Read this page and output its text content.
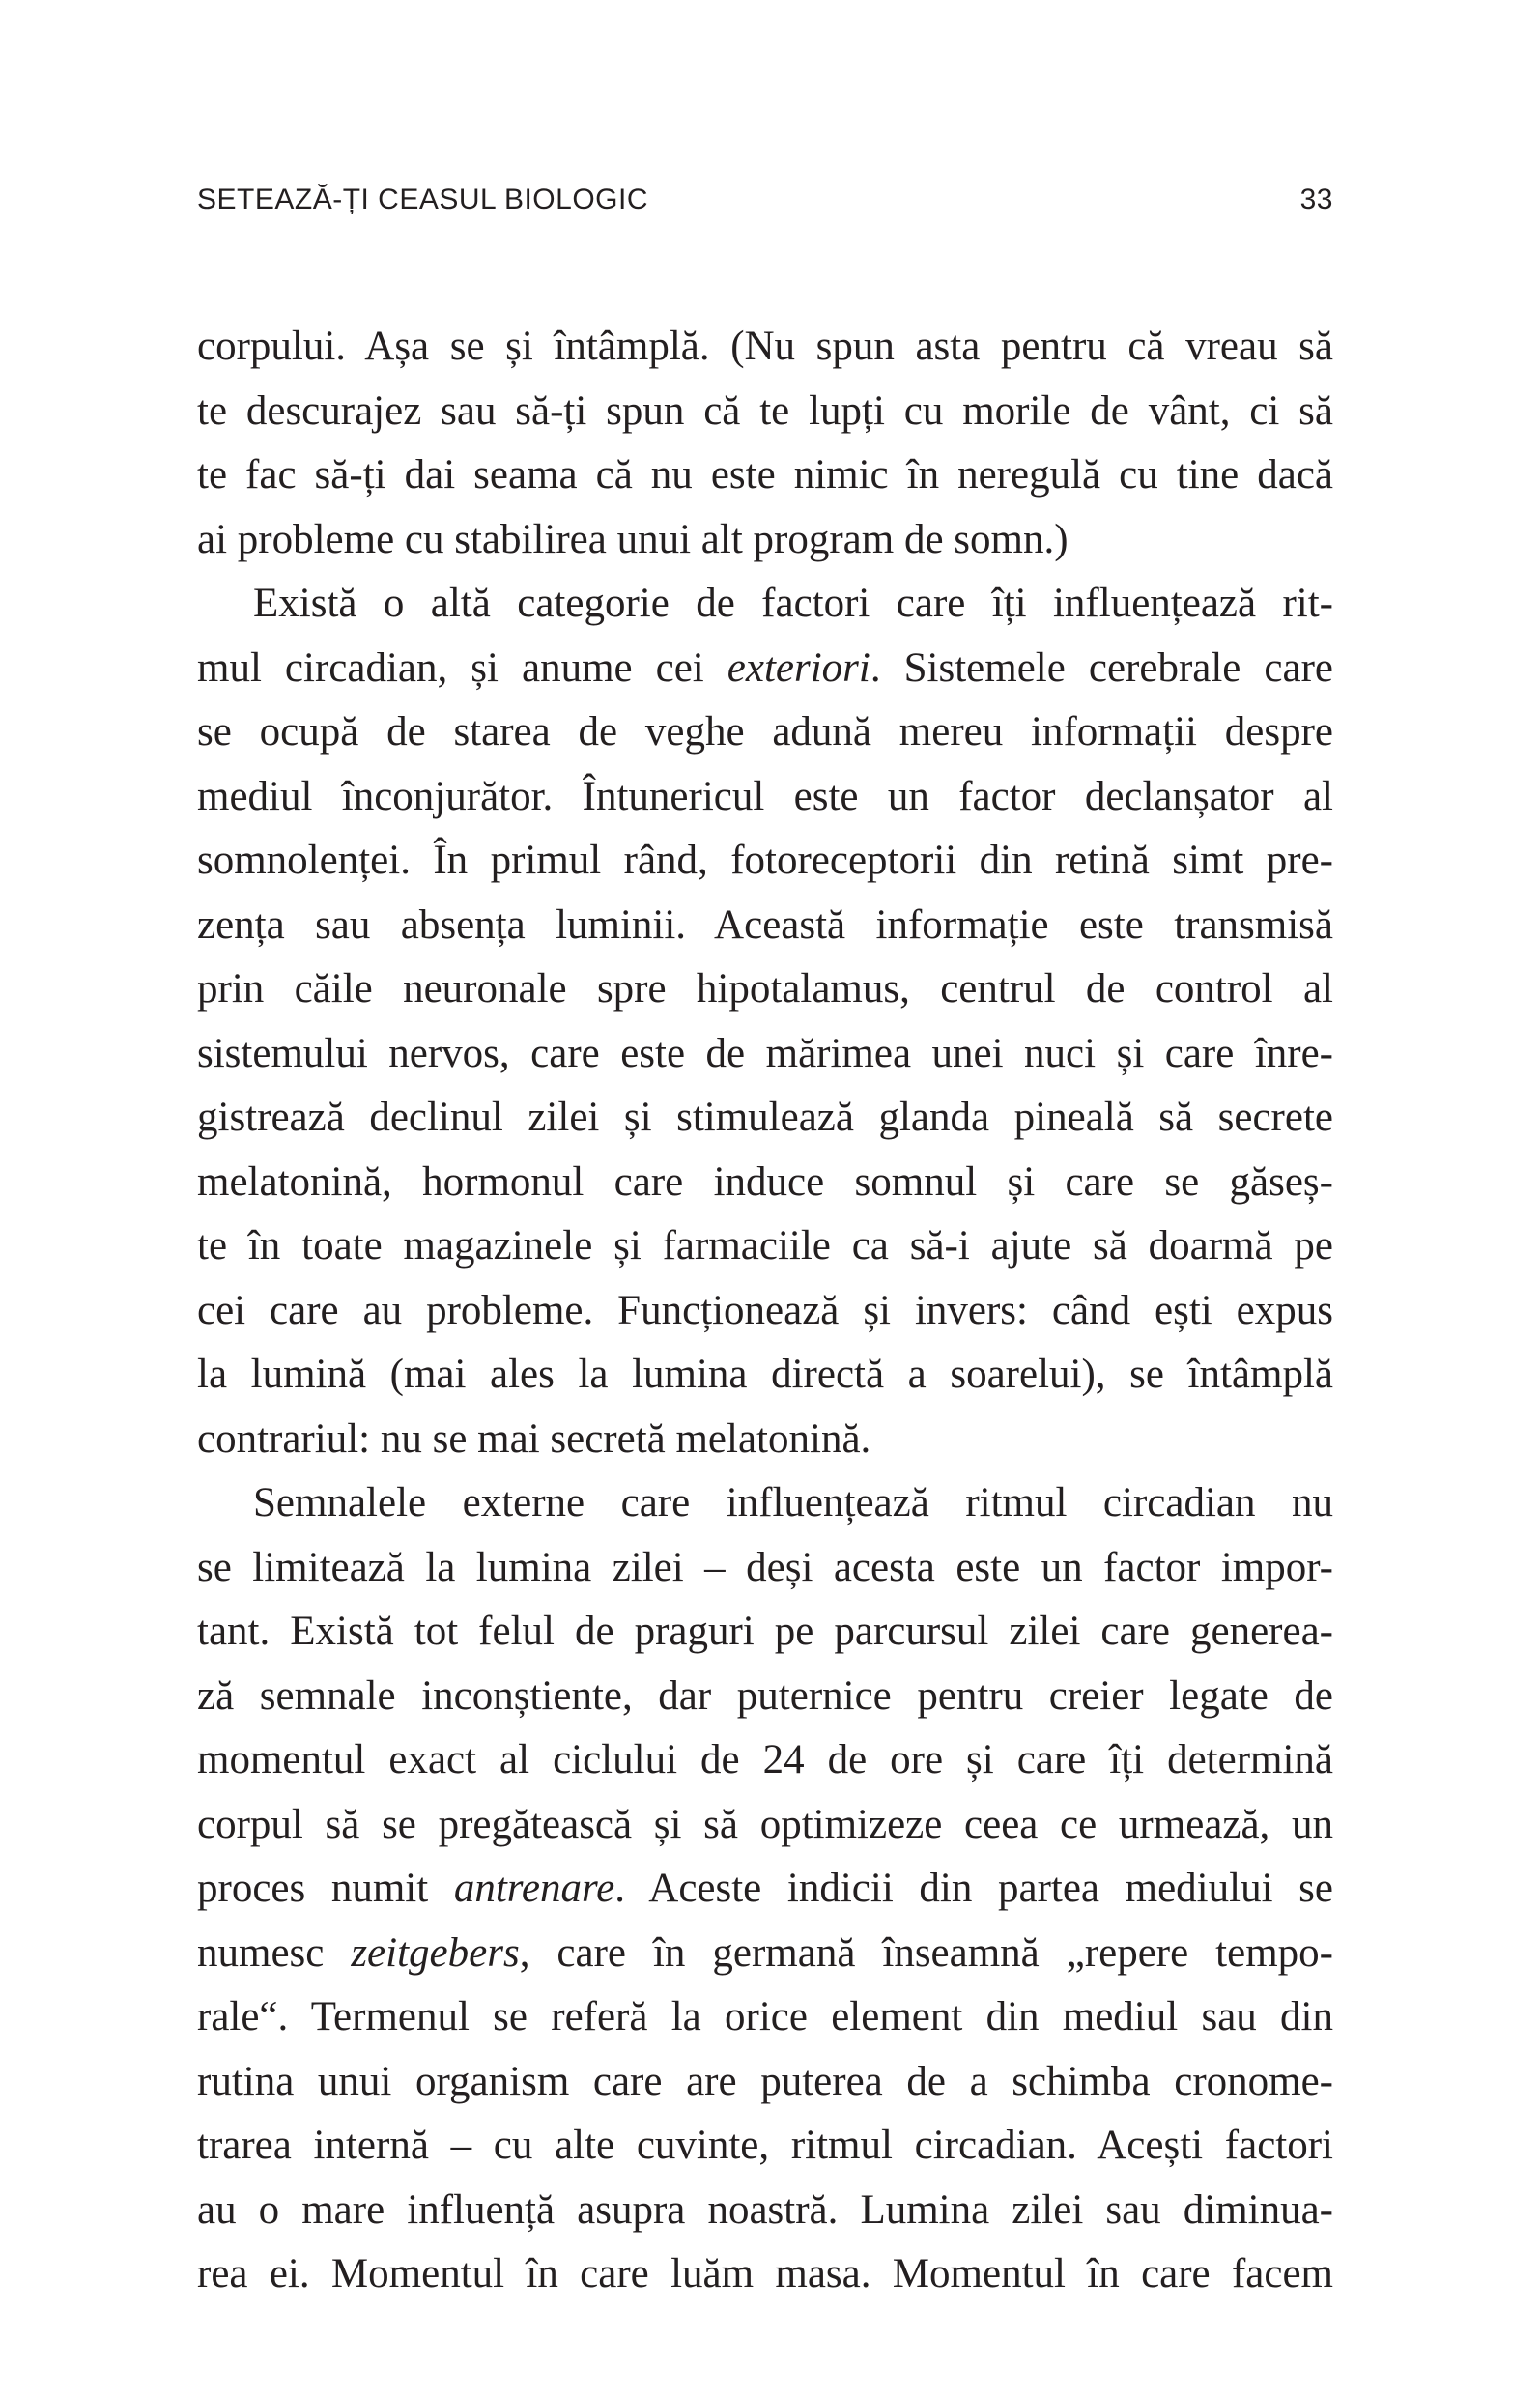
SETEAZĂ-ȚI CEASUL BIOLOGIC	33
corpului. Așa se și întâmplă. (Nu spun asta pentru că vreau să
te descurajez sau să-ți spun că te lupți cu morile de vânt, ci să
te fac să-ți dai seama că nu este nimic în neregulă cu tine dacă
ai probleme cu stabilirea unui alt program de somn.)
Există o altă categorie de factori care îți influențează rit-
mul circadian, și anume cei exteriori. Sistemele cerebrale care
se ocupă de starea de veghe adună mereu informații despre
mediul înconjurător. Întunericul este un factor declanșator al
somnolenței. În primul rând, fotoreceptorii din retină simt pre-
zența sau absența luminii. Această informație este transmisă
prin căile neuronale spre hipotalamus, centrul de control al
sistemului nervos, care este de mărimea unei nuci și care înre-
gistrează declinul zilei și stimulează glanda pineală să secrete
melatonină, hormonul care induce somnul și care se găseș-
te în toate magazinele și farmaciile ca să-i ajute să doarmă pe
cei care au probleme. Funcționează și invers: când ești expus
la lumină (mai ales la lumina directă a soarelui), se întâmplă
contrariul: nu se mai secretă melatonină.
Semnalele externe care influențează ritmul circadian nu
se limitează la lumina zilei – deși acesta este un factor impor-
tant. Există tot felul de praguri pe parcursul zilei care generea-
ză semnale inconștiente, dar puternice pentru creier legate de
momentul exact al ciclului de 24 de ore și care îți determină
corpul să se pregătească și să optimizeze ceea ce urmează, un
proces numit antrenare. Aceste indicii din partea mediului se
numesc zeitgebers, care în germană înseamnă „repere tempo-
rale“. Termenul se referă la orice element din mediul sau din
rutina unui organism care are puterea de a schimba cronome-
trarea internă – cu alte cuvinte, ritmul circadian. Acești factori
au o mare influență asupra noastră. Lumina zilei sau diminua-
rea ei. Momentul în care luăm masa. Momentul în care facem
